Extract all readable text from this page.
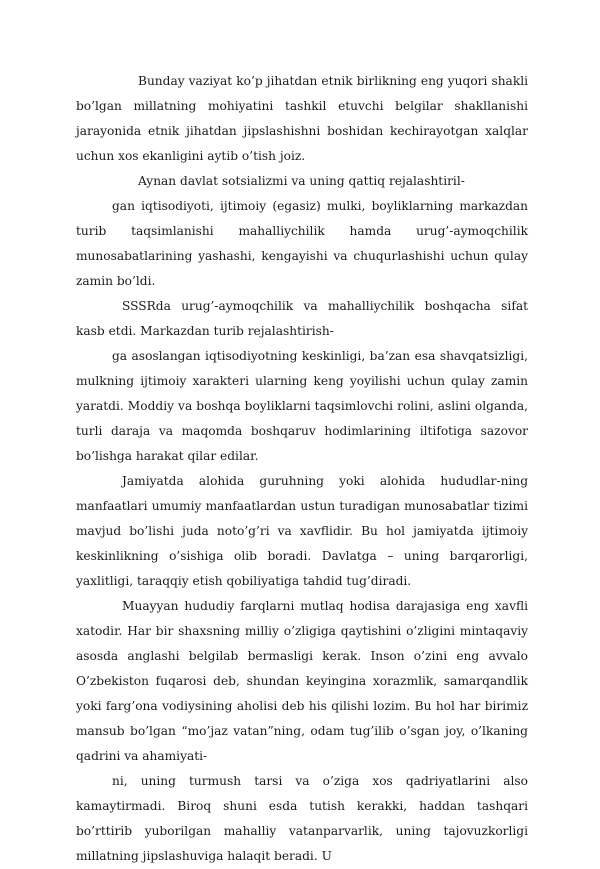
Bunday vaziyat ko’p jihatdan etnik birlikning eng yuqori shakli bo’lgan millatning mohiyatini tashkil etuvchi belgilar shakllanishi jarayonida etnik jihatdan jipslashishni boshidan kechirayotgan xalqlar uchun xos ekanligini aytib o’tish joiz.

Aynan davlat sotsializmi va uning qattiq rejalashtiril-

gan iqtisodiyoti, ijtimoiy (egasiz) mulki, boyliklarning markazdan turib taqsimlanishi mahalliychilik hamda urug’-aymoqchilik munosabatlarining yashashi, kengayishi va chuqurlashishi uchun qulay zamin bo’ldi.

SSSRda urug’-aymoqchilik va mahalliychilik boshqacha sifat kasb etdi. Markazdan turib rejalashtirish-

ga asoslangan iqtisodiyotning keskinligi, ba’zan esa shavqatsizligi, mulkning ijtimoiy xarakteri ularning keng yoyilishi uchun qulay zamin yaratdi. Moddiy va boshqa boyliklarni taqsimlovchi rolini, aslini olganda, turli daraja va maqomda boshqaruv hodimlarining iltifotiga sazovor bo’lishga harakat qilar edilar.

Jamiyatda alohida guruhning yoki alohida hududlar-ning manfaatlari umumiy manfaatlardan ustun turadigan munosabatlar tizimi mavjud bo’lishi juda noto’g’ri va xavflidir. Bu hol jamiyatda ijtimoiy keskinlikning o’sishiga olib boradi. Davlatga – uning barqarorligi, yaxlitligi, taraqqiy etish qobiliyatiga tahdid tug’diradi.

Muayyan hududiy farqlarni mutlaq hodisa darajasiga eng xavfli xatodir. Har bir shaxsning milliy o’zligiga qaytishini o’zligini mintaqaviy asosda anglashi belgilab bermasligi kerak. Inson o’zini eng avvalo O’zbekiston fuqarosi deb, shundan keyingina xorazmlik, samarqandlik yoki farg’ona vodiysining aholisi deb his qilishi lozim. Bu hol har birimiz mansub bo’lgan “mo’jaz vatan”ning, odam tug’ilib o’sgan joy, o’lkaning qadrini va ahamiyati-

ni, uning turmush tarsi va o’ziga xos qadriyatlarini also kamaytirmadi. Biroq shuni esda tutish kerakki, haddan tashqari bo’rttirib yuborilgan mahalliy vatanparvarlik, uning tajovuzkorligi millatning jipslashuviga halaqit beradi. U
